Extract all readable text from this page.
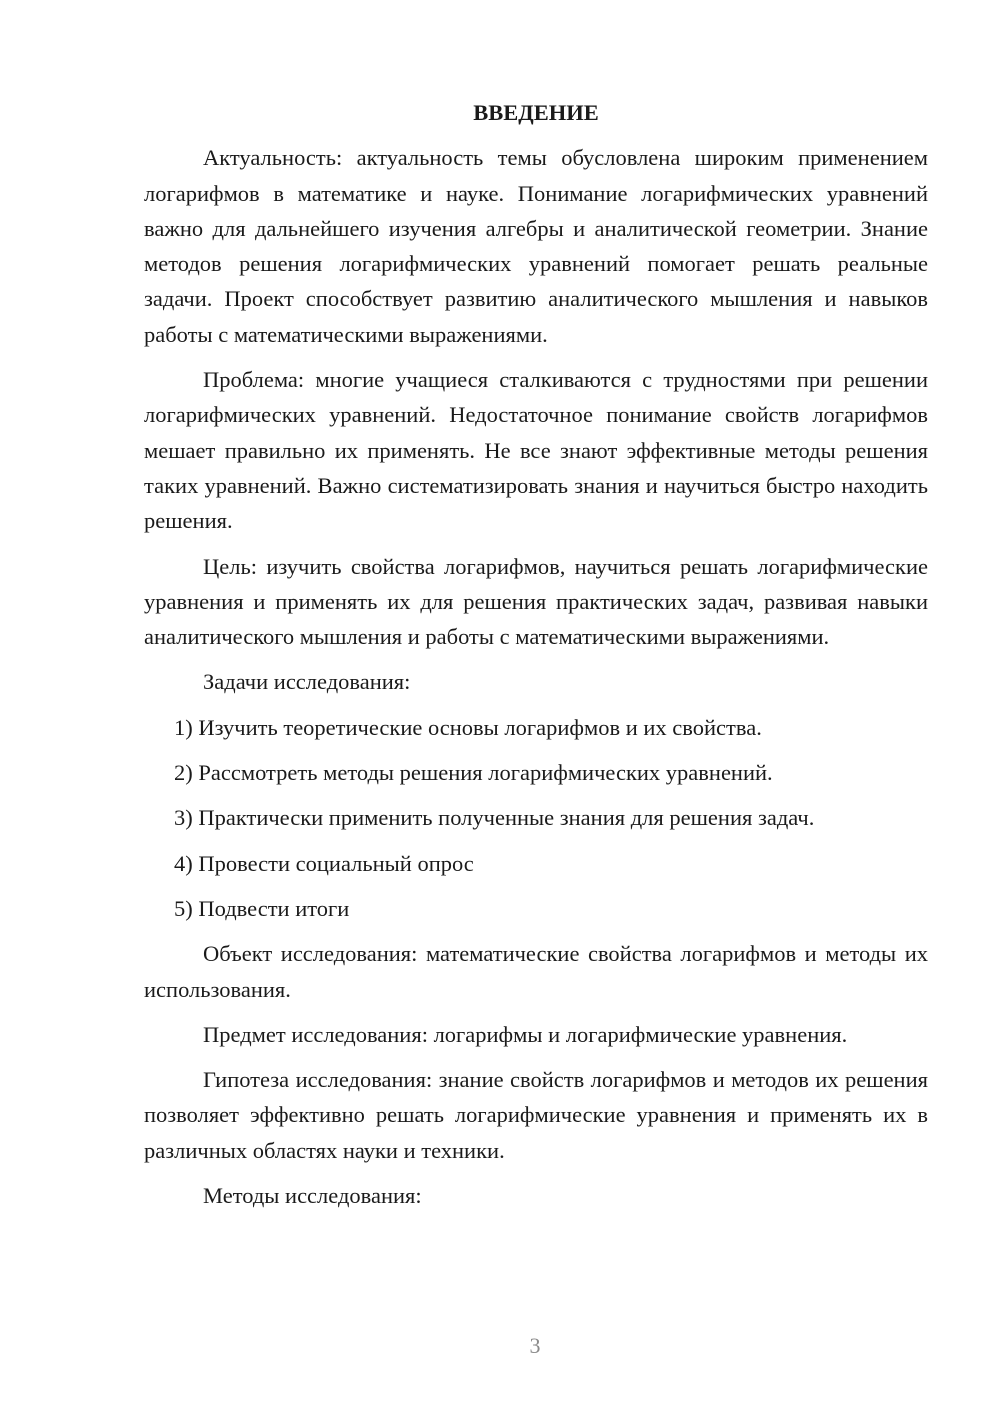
ВВЕДЕНИЕ
Актуальность: актуальность темы обусловлена широким применением логарифмов в математике и науке. Понимание логарифмических уравнений важно для дальнейшего изучения алгебры и аналитической геометрии. Знание методов решения логарифмических уравнений помогает решать реальные задачи. Проект способствует развитию аналитического мышления и навыков работы с математическими выражениями.
Проблема: многие учащиеся сталкиваются с трудностями при решении логарифмических уравнений. Недостаточное понимание свойств логарифмов мешает правильно их применять. Не все знают эффективные методы решения таких уравнений. Важно систематизировать знания и научиться быстро находить решения.
Цель: изучить свойства логарифмов, научиться решать логарифмические уравнения и применять их для решения практических задач, развивая навыки аналитического мышления и работы с математическими выражениями.
Задачи исследования:
1) Изучить теоретические основы логарифмов и их свойства.
2) Рассмотреть методы решения логарифмических уравнений.
3) Практически применить полученные знания для решения задач.
4) Провести социальный опрос
5) Подвести итоги
Объект исследования: математические свойства логарифмов и методы их использования.
Предмет исследования: логарифмы и логарифмические уравнения.
Гипотеза исследования: знание свойств логарифмов и методов их решения позволяет эффективно решать логарифмические уравнения и применять их в различных областях науки и техники.
Методы исследования:
3
